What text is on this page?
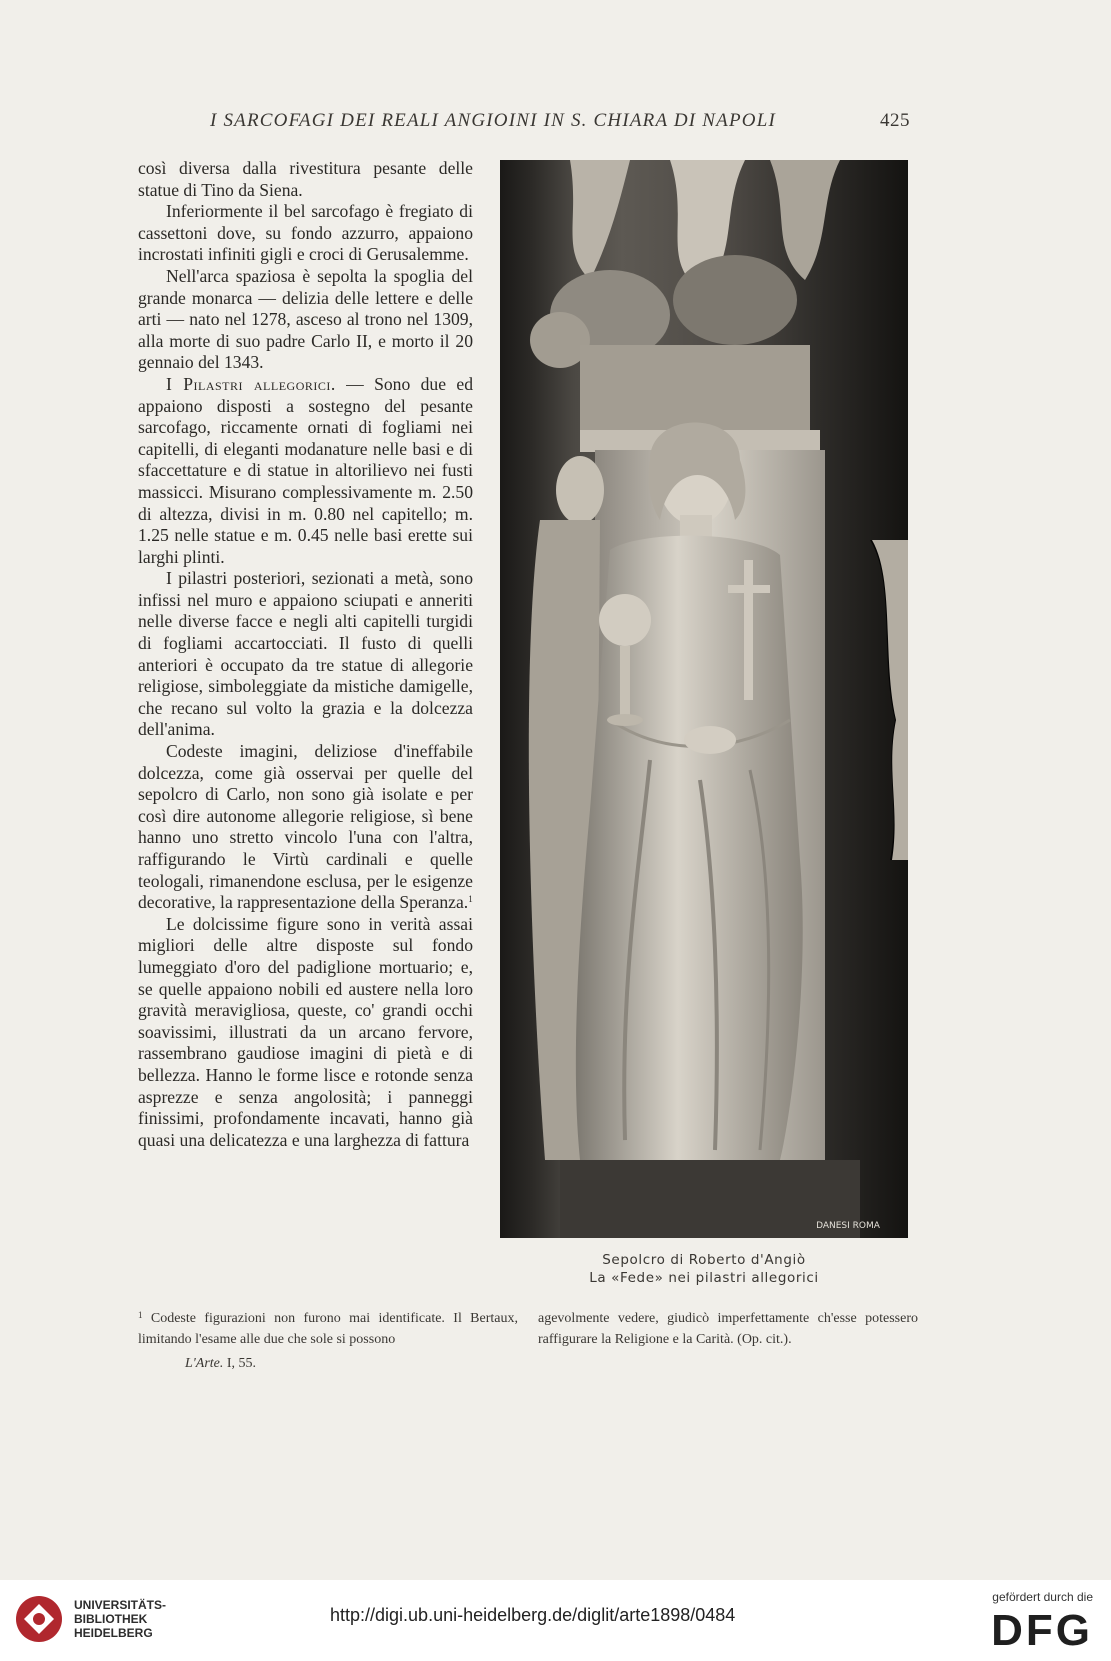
I SARCOFAGI DEI REALI ANGIOINI IN S. CHIARA DI NAPOLI	425

così diversa dalla rivestitura pesante delle statue di Tino da Siena.

Inferiormente il bel sarcofago è fregiato di cassettoni dove, su fondo azzurro, appaiono incrostati infiniti gigli e croci di Gerusalemme.

Nell'arca spaziosa è sepolta la spoglia del grande monarca — delizia delle lettere e delle arti — nato nel 1278, asceso al trono nel 1309, alla morte di suo padre Carlo II, e morto il 20 gennaio del 1343.

I Pilastri allegorici. — Sono due ed appaiono disposti a sostegno del pesante sarcofago, riccamente ornati di fogliami nei capitelli, di eleganti modanature nelle basi e di sfaccettature e di statue in altorilievo nei fusti massicci. Misurano complessivamente m. 2.50 di altezza, divisi in m. 0.80 nel capitello; m. 1.25 nelle statue e m. 0.45 nelle basi erette sui larghi plinti.

I pilastri posteriori, sezionati a metà, sono infissi nel muro e appaiono sciupati e anneriti nelle diverse facce e negli alti capitelli turgidi di fogliami accartocciati. Il fusto di quelli anteriori è occupato da tre statue di allegorie religiose, simboleggiate da mistiche damigelle, che recano sul volto la grazia e la dolcezza dell'anima.

Codeste imagini, deliziose d'ineffabile dolcezza, come già osservai per quelle del sepolcro di Carlo, non sono già isolate e per così dire autonome allegorie religiose, sì bene hanno uno stretto vincolo l'una con l'altra, raffigurando le Virtù cardinali e quelle teologali, rimanendone esclusa, per le esigenze decorative, la rappresentazione della Speranza.$^1$

Le dolcissime figure sono in verità assai migliori delle altre disposte sul fondo lumeggiato d'oro del padiglione mortuario; e, se quelle appaiono nobili ed austere nella loro gravità meravigliosa, queste, co' grandi occhi soavissimi, illustrati da un arcano fervore, rassembrano gaudiose imagini di pietà e di bellezza. Hanno le forme lisce e rotonde senza asprezze e senza angolosità; i panneggi finissimi, profondamente incavati, hanno già quasi una delicatezza e una larghezza di fattura

DANESI ROMA
Sepolcro di Roberto d'Angiò
La «Fede» nei pilastri allegorici
$^1$ Codeste figurazioni non furono mai identificate. Il Bertaux, limitando l'esame alle due che sole si possono
agevolmente vedere, giudicò imperfettamente ch'esse potessero raffigurare la Religione e la Carità. (Op. cit.).
L'Arte. I, 55.
UNIVERSITÄTS-
BIBLIOTHEK
HEIDELBERG
http://digi.ub.uni-heidelberg.de/diglit/arte1898/0484
gefördert durch die
DFG
